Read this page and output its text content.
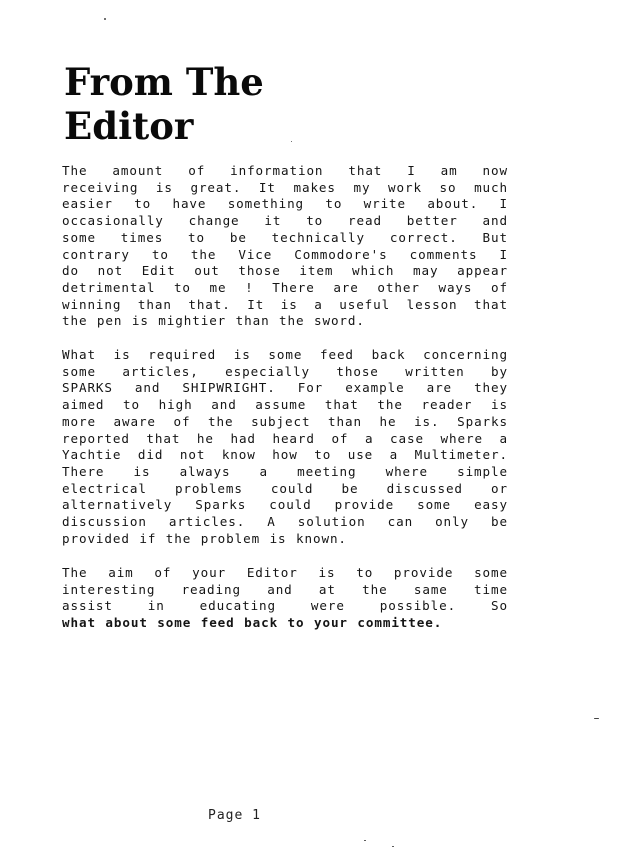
From The
Editor

The amount of information that I am now
receiving is great. It makes my work so much
easier to have something to write about. I
occasionally change it to read better and
some times to be technically correct. But
contrary to the Vice Commodore's comments I
do not Edit out those item which may appear
detrimental to me ! There are other ways of
winning than that. It is a useful lesson that
the pen is mightier than the sword.

What is required is some feed back concerning
some articles, especially those written by
SPARKS and SHIPWRIGHT. For example are they
aimed to high and assume that the reader is
more aware of the subject than he is. Sparks
reported that he had heard of a case where a
Yachtie did not know how to use a Multimeter.
There is always a meeting where simple
electrical problems could be discussed or
alternatively Sparks could provide some easy
discussion articles. A solution can only be
provided if the problem is known.

The aim of your Editor is to provide some
interesting reading and at the same time
assist in educating were possible. So
what about some feed back to your committee.

Page 1
